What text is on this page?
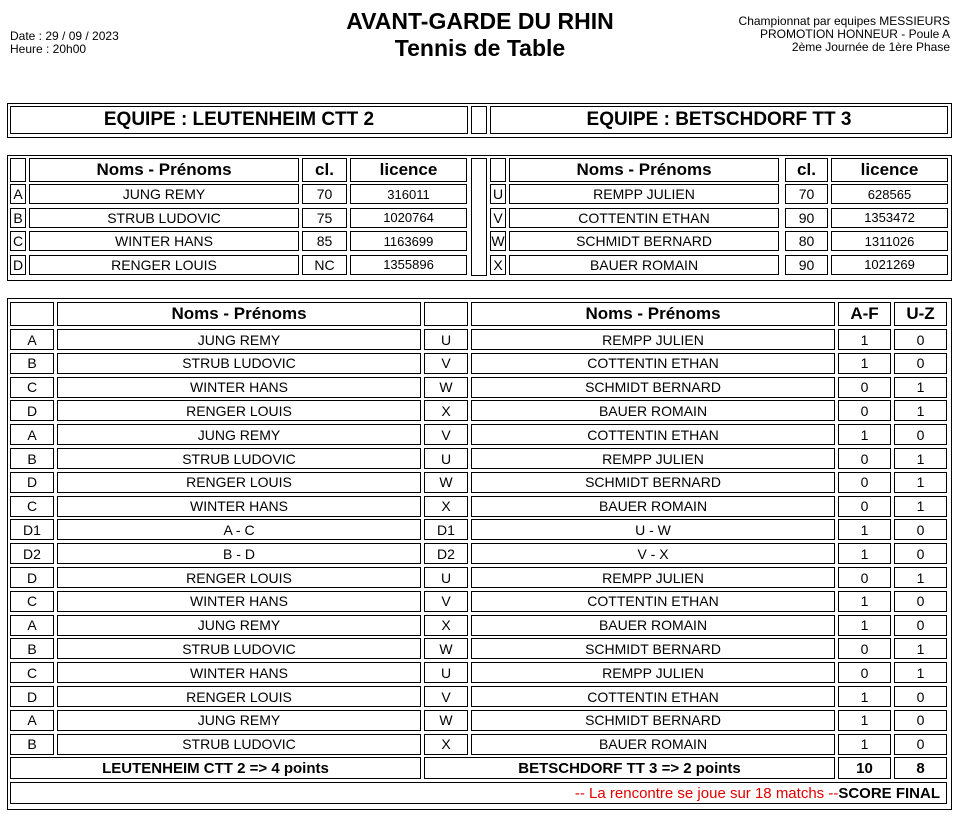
Date : 29 / 09 / 2023
Heure : 20h00
AVANT-GARDE DU RHIN
Tennis de Table
Championnat par equipes MESSIEURS
PROMOTION HONNEUR - Poule A
2ème Journée de 1ère Phase
EQUIPE : LEUTENHEIM CTT 2	EQUIPE : BETSCHDORF TT 3
Noms - Prénoms	cl.	licence
A	JUNG REMY	70	316011
B	STRUB LUDOVIC	75	1020764
C	WINTER HANS	85	1163699
D	RENGER LOUIS	NC	1355896
Noms - Prénoms	cl.	licence
U	REMPP JULIEN	70	628565
V	COTTENTIN ETHAN	90	1353472
W	SCHMIDT BERNARD	80	1311026
X	BAUER ROMAIN	90	1021269
Noms - Prénoms	Noms - Prénoms	A-F	U-Z
A	JUNG REMY	U	REMPP JULIEN	1	0
B	STRUB LUDOVIC	V	COTTENTIN ETHAN	1	0
C	WINTER HANS	W	SCHMIDT BERNARD	0	1
D	RENGER LOUIS	X	BAUER ROMAIN	0	1
A	JUNG REMY	V	COTTENTIN ETHAN	1	0
B	STRUB LUDOVIC	U	REMPP JULIEN	0	1
D	RENGER LOUIS	W	SCHMIDT BERNARD	0	1
C	WINTER HANS	X	BAUER ROMAIN	0	1
D1	A - C	D1	U - W	1	0
D2	B - D	D2	V - X	1	0
D	RENGER LOUIS	U	REMPP JULIEN	0	1
C	WINTER HANS	V	COTTENTIN ETHAN	1	0
A	JUNG REMY	X	BAUER ROMAIN	1	0
B	STRUB LUDOVIC	W	SCHMIDT BERNARD	0	1
C	WINTER HANS	U	REMPP JULIEN	0	1
D	RENGER LOUIS	V	COTTENTIN ETHAN	1	0
A	JUNG REMY	W	SCHMIDT BERNARD	1	0
B	STRUB LUDOVIC	X	BAUER ROMAIN	1	0
LEUTENHEIM CTT 2 => 4 points	BETSCHDORF TT 3 => 2 points	10	8
-- La rencontre se joue sur 18 matchs -- SCORE FINAL
